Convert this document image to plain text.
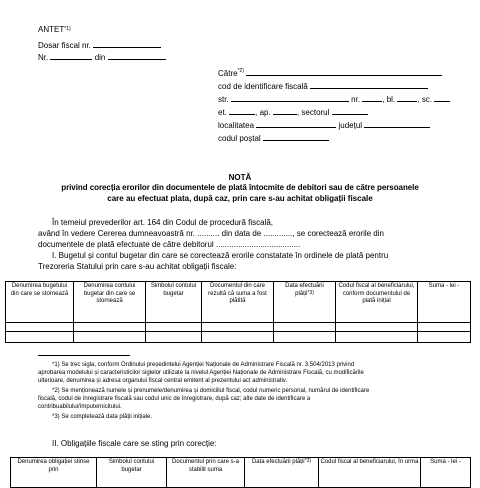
ANTET$^{*1)}$
Dosar fiscal nr.
Nr.	din
Către$^{*2)}$
cod de identificare fiscală
str.	nr.	, bl.	, sc.
et.	, ap.	, sectorul
localitatea	județul
codul poștal
NOTĂ
privind corecția erorilor din documentele de plată întocmite de debitori sau de către persoanele
care au efectuat plata, după caz, prin care s-au achitat obligații fiscale
În temeiul prevederilor art. 164 din Codul de procedură fiscală,
având în vedere Cererea dumneavoastră nr. .......... din data de ............., se corectează erorile din
documentele de plată efectuate de către debitorul ......................................
I. Bugetul și contul bugetar din care se corectează erorile constatate în ordinele de plată pentru
Trezoreria Statului prin care s-au achitat obligații fiscale:
Denumirea bugetului din care se stornează	Denumirea contului bugetar din care se stornează	Simbolul contului bugetar	Documentul din care rezultă că suma a fost plătită	Data efectuării plății$^{*3)}$	Codul fiscal al beneficiarului, conform documentului de plată inițial	Suma - lei -

*1) Se trec sigla, conform Ordinului președintelui Agenției Naționale de Administrare Fiscală nr. 3.504/2013 privind
aprobarea modelului și caracteristicilor siglelor utilizate la nivelul Agenției Naționale de Administrare Fiscală, cu modificările
ulterioare, denumirea și adresa organului fiscal central emitent al prezentului act administrativ.
*2) Se menționează numele și prenumele/denumirea și domiciliul fiscal, codul numeric personal, numărul de identificare
fiscală, codul de înregistrare fiscală sau codul unic de înregistrare, după caz; alte date de identificare a
contribuabilului/împuternicitului.
*3) Se completează data plății inițiale.
II. Obligațiile fiscale care se sting prin corecție:
Denumirea obligației stinse prin	Simbolul contului bugetar	Documentul prin care s-a stabilit suma	Data efectuării plății$^{*3)}$	Codul fiscal al beneficiarului, în urma	Suma - lei -
